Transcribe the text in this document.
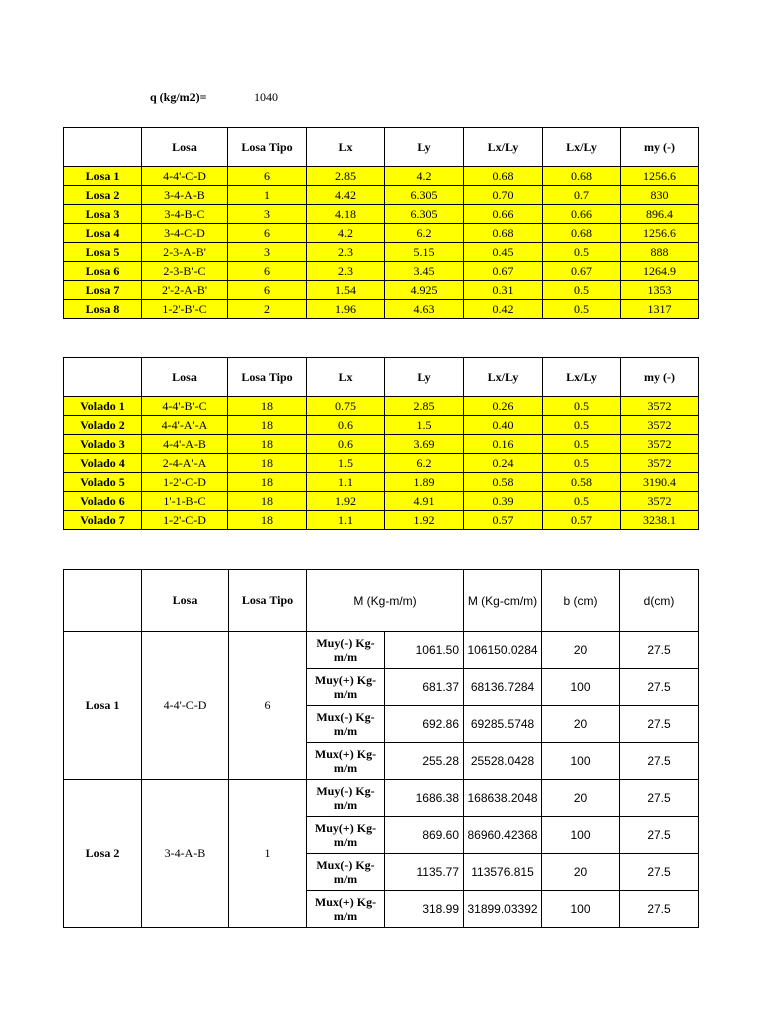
q (kg/m2)=	1040
	Losa	Losa Tipo	Lx	Ly	Lx/Ly	Lx/Ly	my (-)
Losa 1	4-4'-C-D	6	2.85	4.2	0.68	0.68	1256.6
Losa 2	3-4-A-B	1	4.42	6.305	0.70	0.7	830
Losa 3	3-4-B-C	3	4.18	6.305	0.66	0.66	896.4
Losa 4	3-4-C-D	6	4.2	6.2	0.68	0.68	1256.6
Losa 5	2-3-A-B'	3	2.3	5.15	0.45	0.5	888
Losa 6	2-3-B'-C	6	2.3	3.45	0.67	0.67	1264.9
Losa 7	2'-2-A-B'	6	1.54	4.925	0.31	0.5	1353
Losa 8	1-2'-B'-C	2	1.96	4.63	0.42	0.5	1317
	Losa	Losa Tipo	Lx	Ly	Lx/Ly	Lx/Ly	my (-)
Volado 1	4-4'-B'-C	18	0.75	2.85	0.26	0.5	3572
Volado 2	4-4'-A'-A	18	0.6	1.5	0.40	0.5	3572
Volado 3	4-4'-A-B	18	0.6	3.69	0.16	0.5	3572
Volado 4	2-4-A'-A	18	1.5	6.2	0.24	0.5	3572
Volado 5	1-2'-C-D	18	1.1	1.89	0.58	0.58	3190.4
Volado 6	1'-1-B-C	18	1.92	4.91	0.39	0.5	3572
Volado 7	1-2'-C-D	18	1.1	1.92	0.57	0.57	3238.1
	Losa	Losa Tipo	M (Kg-m/m)		M (Kg-cm/m)	b (cm)	d(cm)
Losa 1	4-4'-C-D	6	Muy(-) Kg-m/m	1061.50	106150.0284	20	27.5
			Muy(+) Kg-m/m	681.37	68136.7284	100	27.5
			Mux(-) Kg-m/m	692.86	69285.5748	20	27.5
			Mux(+) Kg-m/m	255.28	25528.0428	100	27.5
Losa 2	3-4-A-B	1	Muy(-) Kg-m/m	1686.38	168638.2048	20	27.5
			Muy(+) Kg-m/m	869.60	86960.42368	100	27.5
			Mux(-) Kg-m/m	1135.77	113576.815	20	27.5
			Mux(+) Kg-m/m	318.99	31899.03392	100	27.5
